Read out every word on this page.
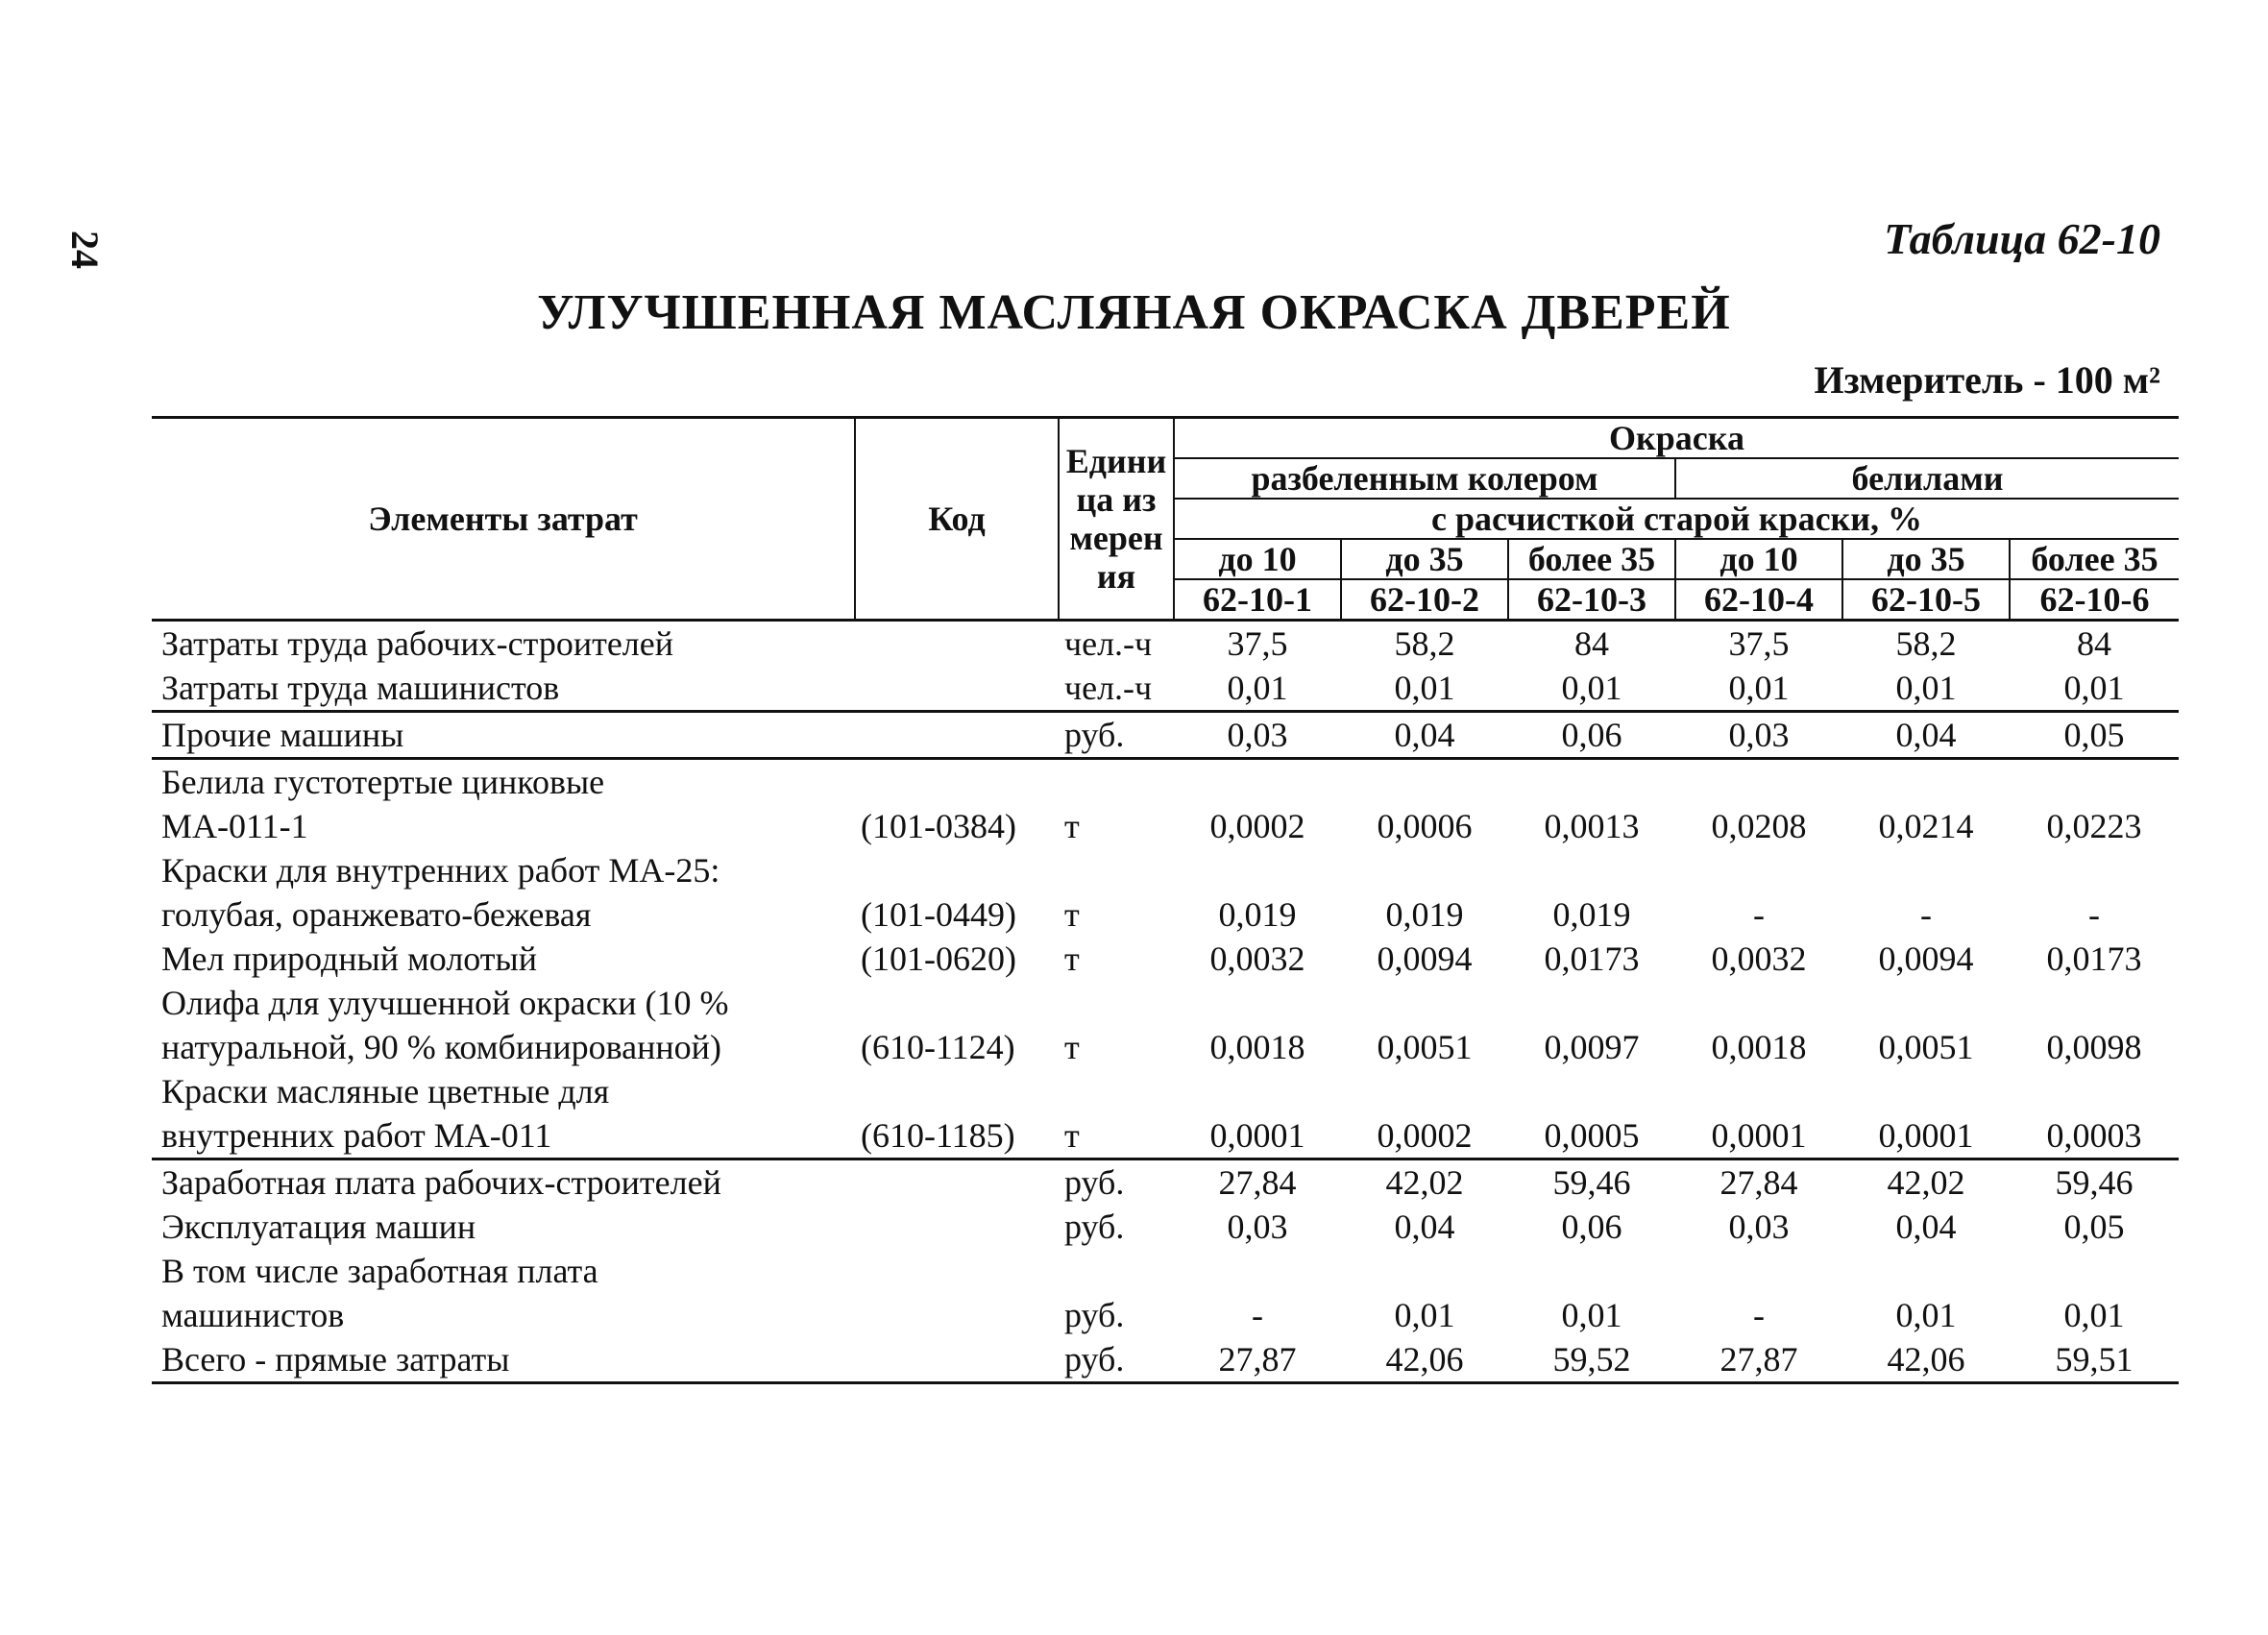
24	Таблица 62-10
УЛУЧШЕННАЯ МАСЛЯНАЯ ОКРАСКА ДВЕРЕЙ
Измеритель - 100 м²
Элементы затрат	Код	Единица измерения	Окраска					
			разбеленным колером			белилами		
			с расчисткой старой краски, %					
			до 10	до 35	более 35	до 10	до 35	более 35
			62-10-1	62-10-2	62-10-3	62-10-4	62-10-5	62-10-6
Затраты труда рабочих-строителей		чел.-ч	37,5	58,2	84	37,5	58,2	84
Затраты труда машинистов		чел.-ч	0,01	0,01	0,01	0,01	0,01	0,01
Прочие машины		руб.	0,03	0,04	0,06	0,03	0,04	0,05
Белила густотертые цинковые								
МА-011-1	(101-0384)	т	0,0002	0,0006	0,0013	0,0208	0,0214	0,0223
Краски для внутренних работ МА-25:								
голубая, оранжевато-бежевая	(101-0449)	т	0,019	0,019	0,019	-	-	-
Мел природный молотый	(101-0620)	т	0,0032	0,0094	0,0173	0,0032	0,0094	0,0173
Олифа для улучшенной окраски (10 %								
натуральной, 90 % комбинированной)	(610-1124)	т	0,0018	0,0051	0,0097	0,0018	0,0051	0,0098
Краски масляные цветные для								
внутренних работ МА-011	(610-1185)	т	0,0001	0,0002	0,0005	0,0001	0,0001	0,0003
Заработная плата рабочих-строителей		руб.	27,84	42,02	59,46	27,84	42,02	59,46
Эксплуатация машин		руб.	0,03	0,04	0,06	0,03	0,04	0,05
В том числе заработная плата								
машинистов		руб.	-	0,01	0,01	-	0,01	0,01
Всего - прямые затраты		руб.	27,87	42,06	59,52	27,87	42,06	59,51
